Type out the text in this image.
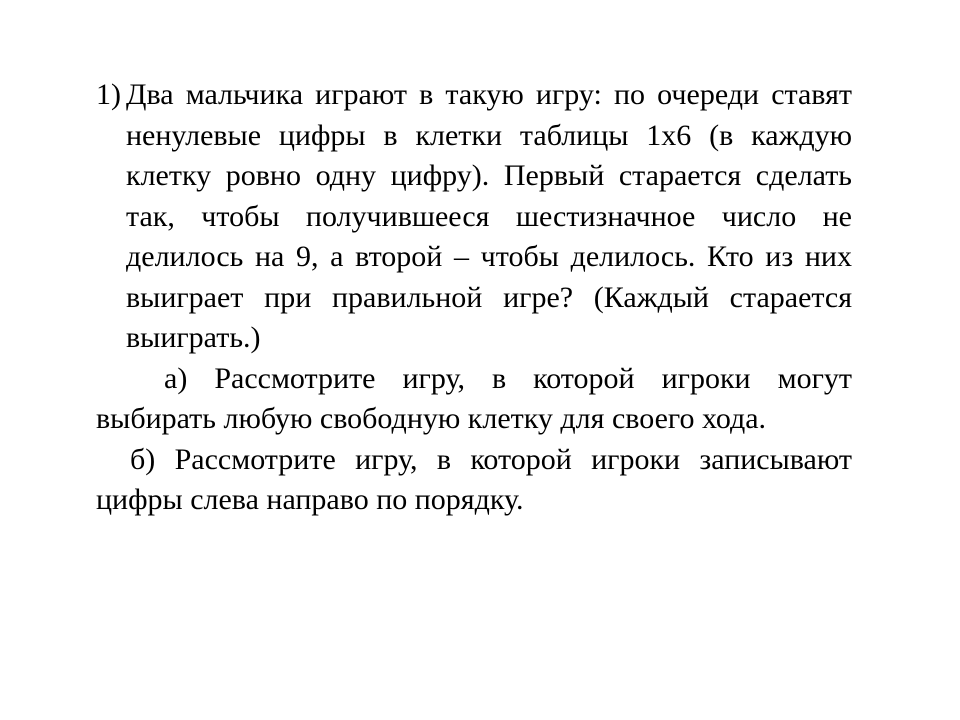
1) Два мальчика играют в такую игру: по очереди ставят ненулевые цифры в клетки таблицы 1х6 (в каждую клетку ровно одну цифру). Первый старается сделать так, чтобы получившееся шестизначное число не делилось на 9, а второй – чтобы делилось. Кто из них выиграет при правильной игре? (Каждый старается выиграть.)

а) Рассмотрите игру, в которой игроки могут выбирать любую свободную клетку для своего хода.

б) Рассмотрите игру, в которой игроки записывают цифры слева направо по порядку.
